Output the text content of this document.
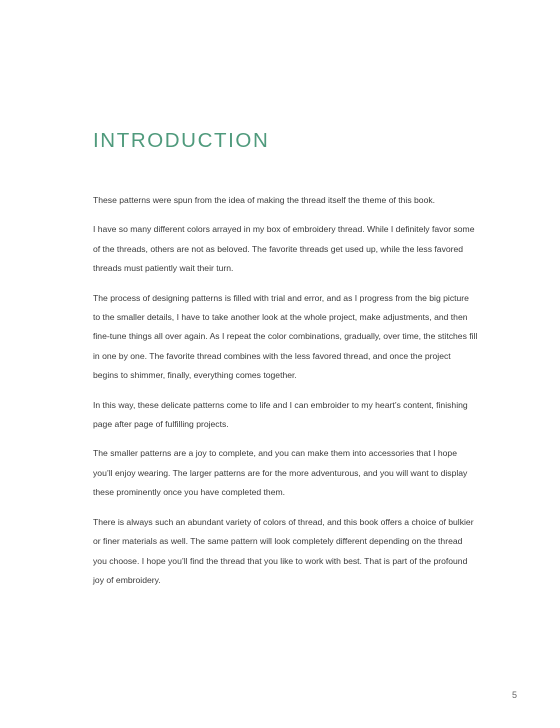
INTRODUCTION

These patterns were spun from the idea of making the thread itself the theme of this book.

I have so many different colors arrayed in my box of embroidery thread. While I definitely favor some of the threads, others are not as beloved. The favorite threads get used up, while the less favored threads must patiently wait their turn.

The process of designing patterns is filled with trial and error, and as I progress from the big picture to the smaller details, I have to take another look at the whole project, make adjustments, and then fine-tune things all over again. As I repeat the color combinations, gradually, over time, the stitches fill in one by one. The favorite thread combines with the less favored thread, and once the project begins to shimmer, finally, everything comes together.

In this way, these delicate patterns come to life and I can embroider to my heart’s content, finishing page after page of fulfilling projects.

The smaller patterns are a joy to complete, and you can make them into accessories that I hope you’ll enjoy wearing. The larger patterns are for the more adventurous, and you will want to display these prominently once you have completed them.

There is always such an abundant variety of colors of thread, and this book offers a choice of bulkier or finer materials as well. The same pattern will look completely different depending on the thread you choose. I hope you’ll find the thread that you like to work with best. That is part of the profound joy of embroidery.

5
